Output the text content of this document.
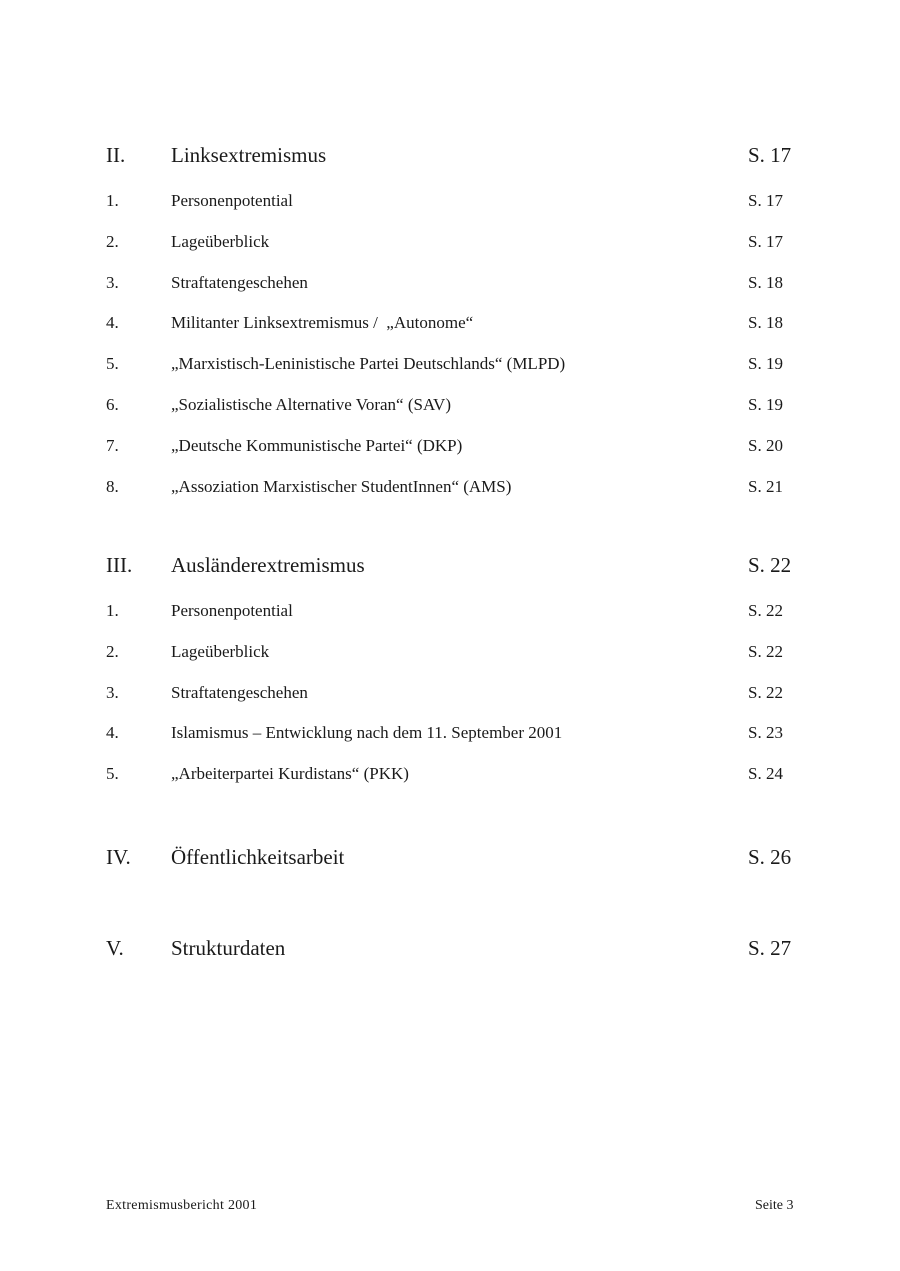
II. Linksextremismus	S. 17
1.	Personenpotential	S. 17
2.	Lageüberblick	S. 17
3.	Straftatengeschehen	S. 18
4.	Militanter Linksextremismus /  „Autonome“	S. 18
5.	„Marxistisch-Leninistische Partei Deutschlands“ (MLPD)	S. 19
6.	„Sozialistische Alternative Voran“ (SAV)	S. 19
7.	„Deutsche Kommunistische Partei“ (DKP)	S. 20
8.	„Assoziation Marxistischer StudentInnen“ (AMS)	S. 21
III. Ausländerextremismus	S. 22
1.	Personenpotential	S. 22
2.	Lageüberblick	S. 22
3.	Straftatengeschehen	S. 22
4.	Islamismus – Entwicklung nach dem 11. September 2001	S. 23
5.	„Arbeiterpartei Kurdistans“ (PKK)	S. 24
IV. Öffentlichkeitsarbeit	S. 26
V. Strukturdaten	S. 27
Extremismusbericht 2001	Seite 3
